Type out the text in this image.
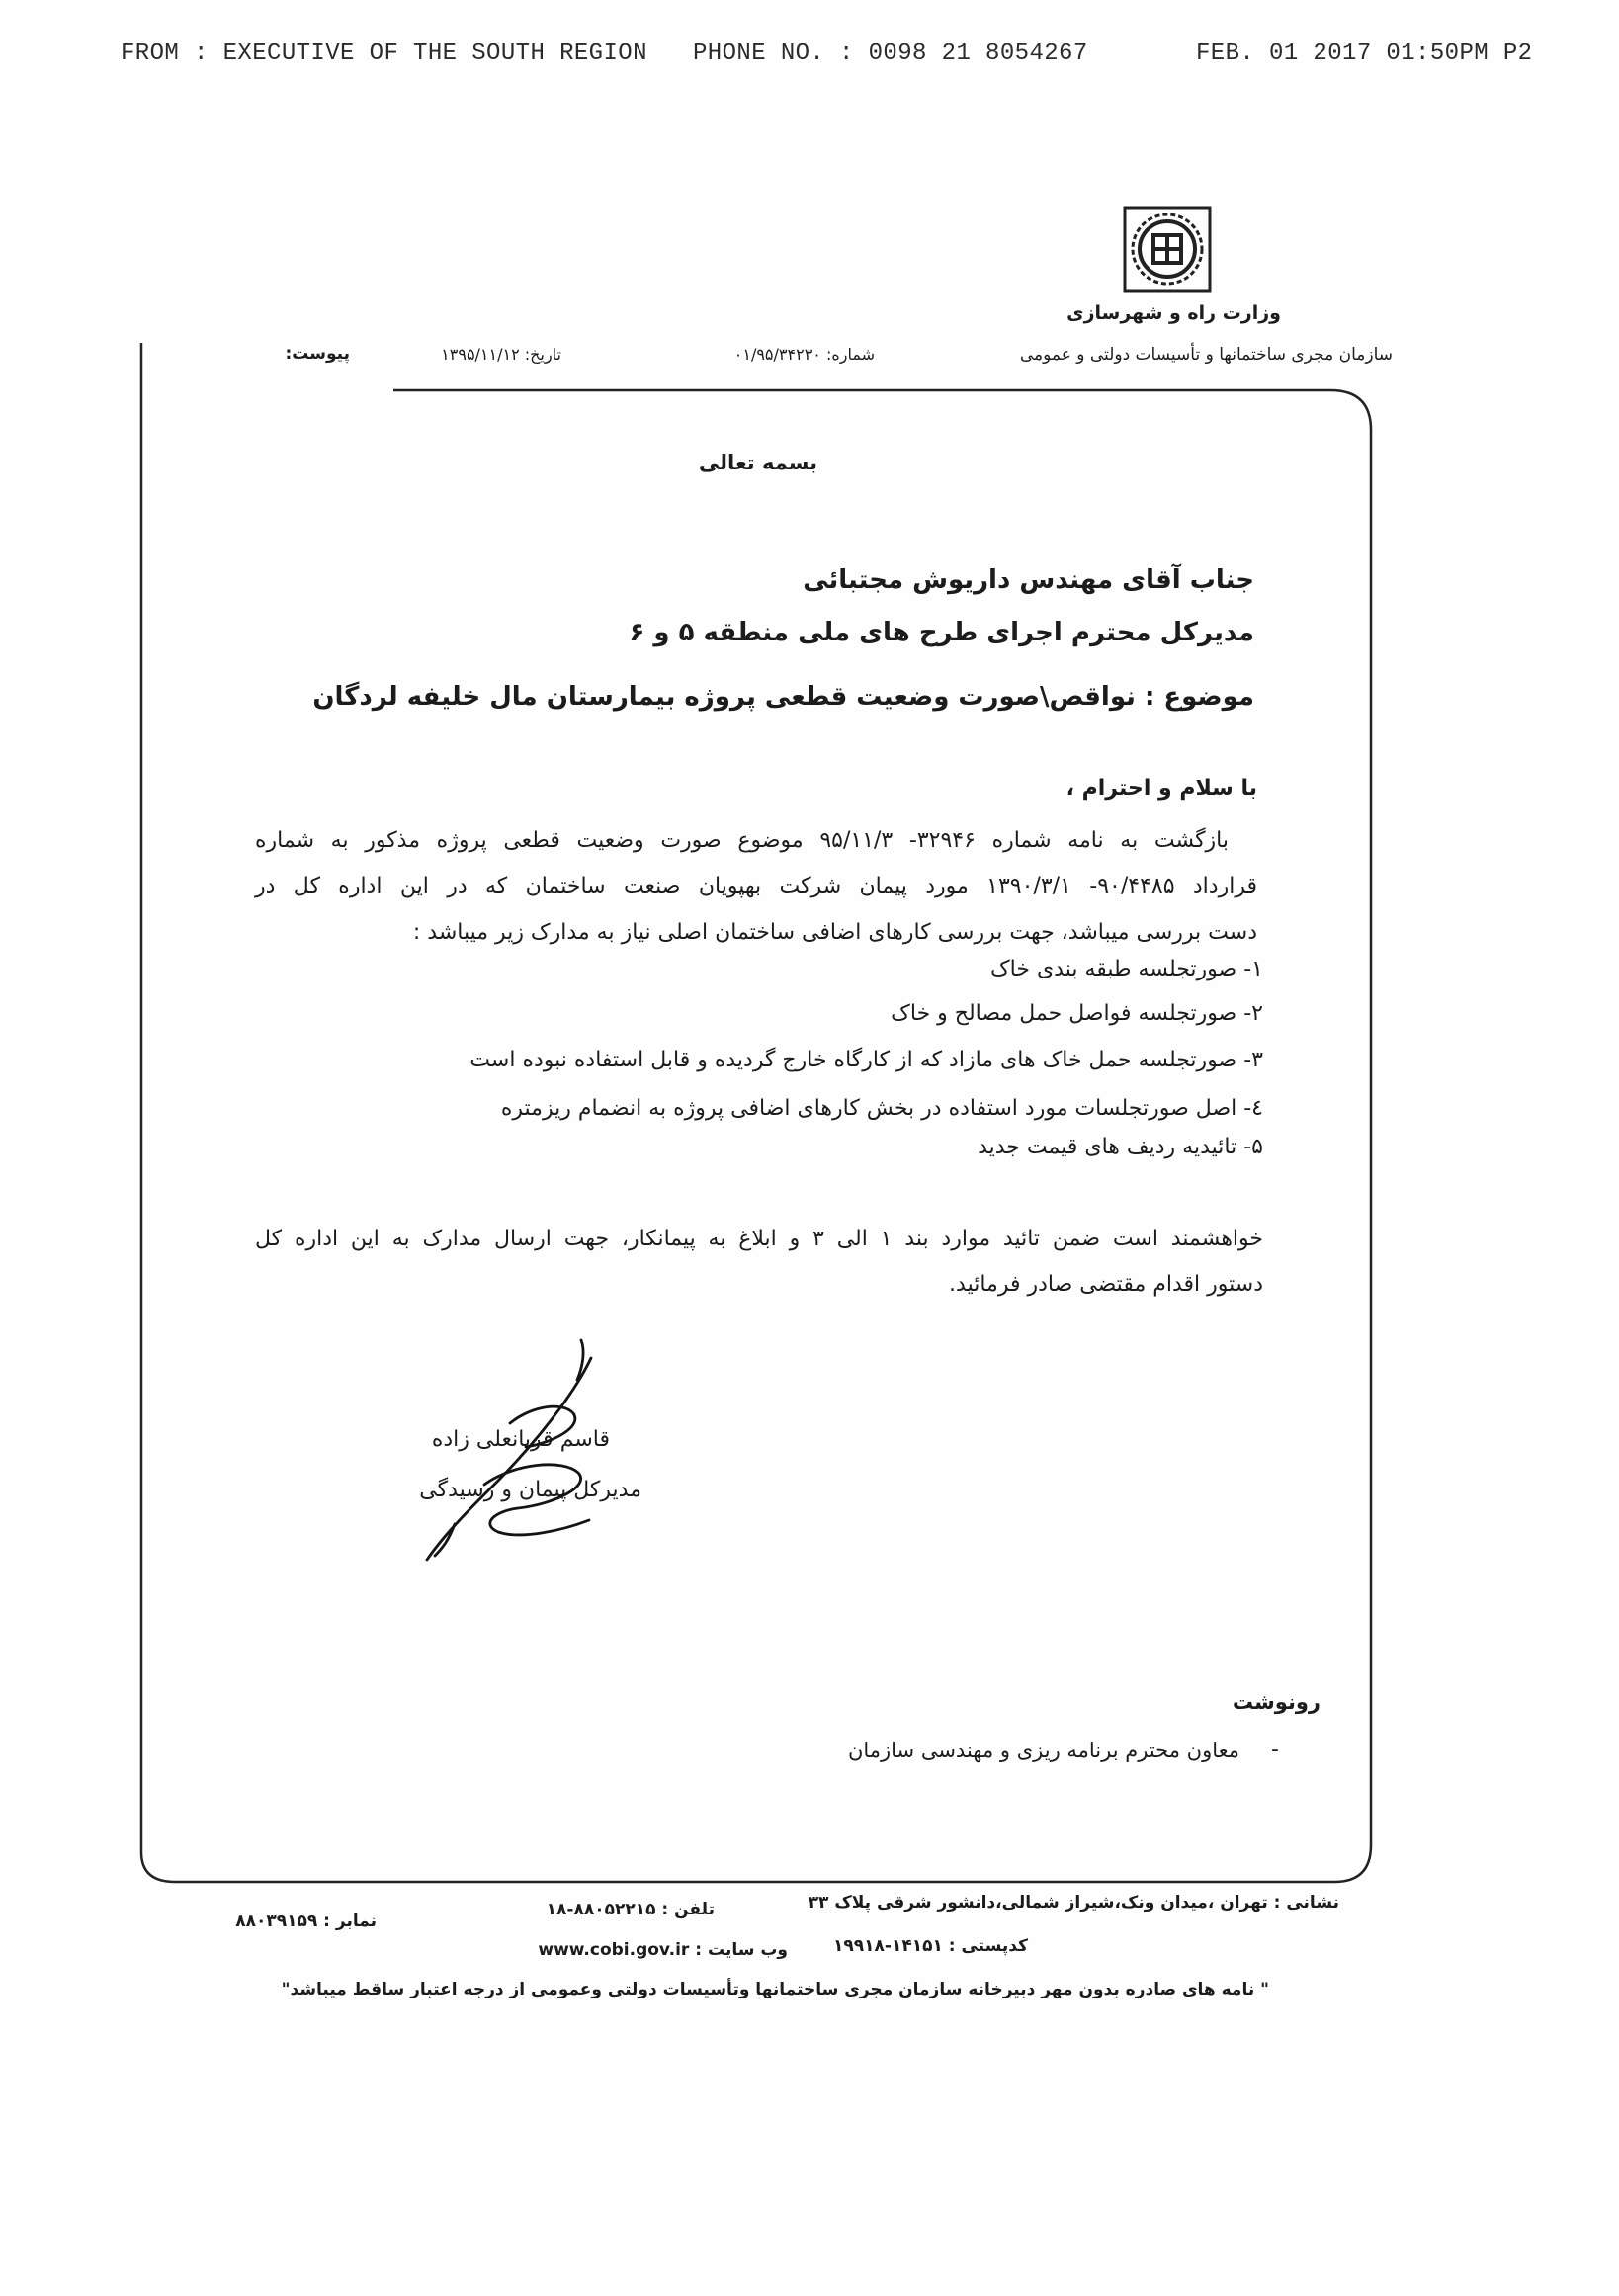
FROM : EXECUTIVE OF THE SOUTH REGION PHONE NO. : 0098 21 8054267	FEB. 01 2017 01:50PM P2
وزارت راه و شهرسازی
سازمان مجری ساختمانها و تأسیسات دولتی و عمومی
شماره: ۰۱/۹۵/۳۴۲۳۰
تاریخ: ۱۳۹۵/۱۱/۱۲
پیوست:
بسمه تعالی
جناب آقای مهندس داریوش مجتبائی
مدیرکل محترم اجرای طرح های ملی منطقه ۵ و ۶
موضوع : نواقص\صورت وضعیت قطعی پروژه بیمارستان مال خلیفه لردگان
با سلام و احترام ،
بازگشت به نامه شماره ۳۲۹۴۶- ۹۵/۱۱/۳ موضوع صورت وضعیت قطعی پروژه مذکور به شماره
قرارداد ۹۰/۴۴۸۵- ۱۳۹۰/۳/۱ مورد پیمان شرکت بهپویان صنعت ساختمان که در این اداره کل در
دست بررسی میباشد، جهت بررسی کارهای اضافی ساختمان اصلی نیاز به مدارک زیر میباشد :
۱- صورتجلسه طبقه بندی خاک
۲- صورتجلسه فواصل حمل مصالح و خاک
۳- صورتجلسه حمل خاک های مازاد که از کارگاه خارج گردیده و قابل استفاده نبوده است
٤- اصل صورتجلسات مورد استفاده در بخش کارهای اضافی پروژه به انضمام ریزمتره
۵- تائیدیه ردیف های قیمت جدید
خواهشمند است ضمن تائید موارد بند ۱ الی ۳ و ابلاغ به پیمانکار، جهت ارسال مدارک به این اداره کل
دستور اقدام مقتضی صادر فرمائید.
قاسم قربانعلی زاده
مدیرکل پیمان و رسیدگی
رونوشت
-
معاون محترم برنامه ریزی و مهندسی سازمان
نشانی : تهران ،میدان ونک،شیراز شمالی،دانشور شرقی پلاک ۳۳
تلفن : ۸۸۰۵۲۲۱۵-۱۸
نمابر : ۸۸۰۳۹۱۵۹
کدپستی : ۱۴۱۵۱-۱۹۹۱۸
وب سایت : www.cobi.gov.ir
" نامه های صادره بدون مهر دبیرخانه سازمان مجری ساختمانها وتأسیسات دولتی وعمومی از درجه اعتبار ساقط میباشد"
